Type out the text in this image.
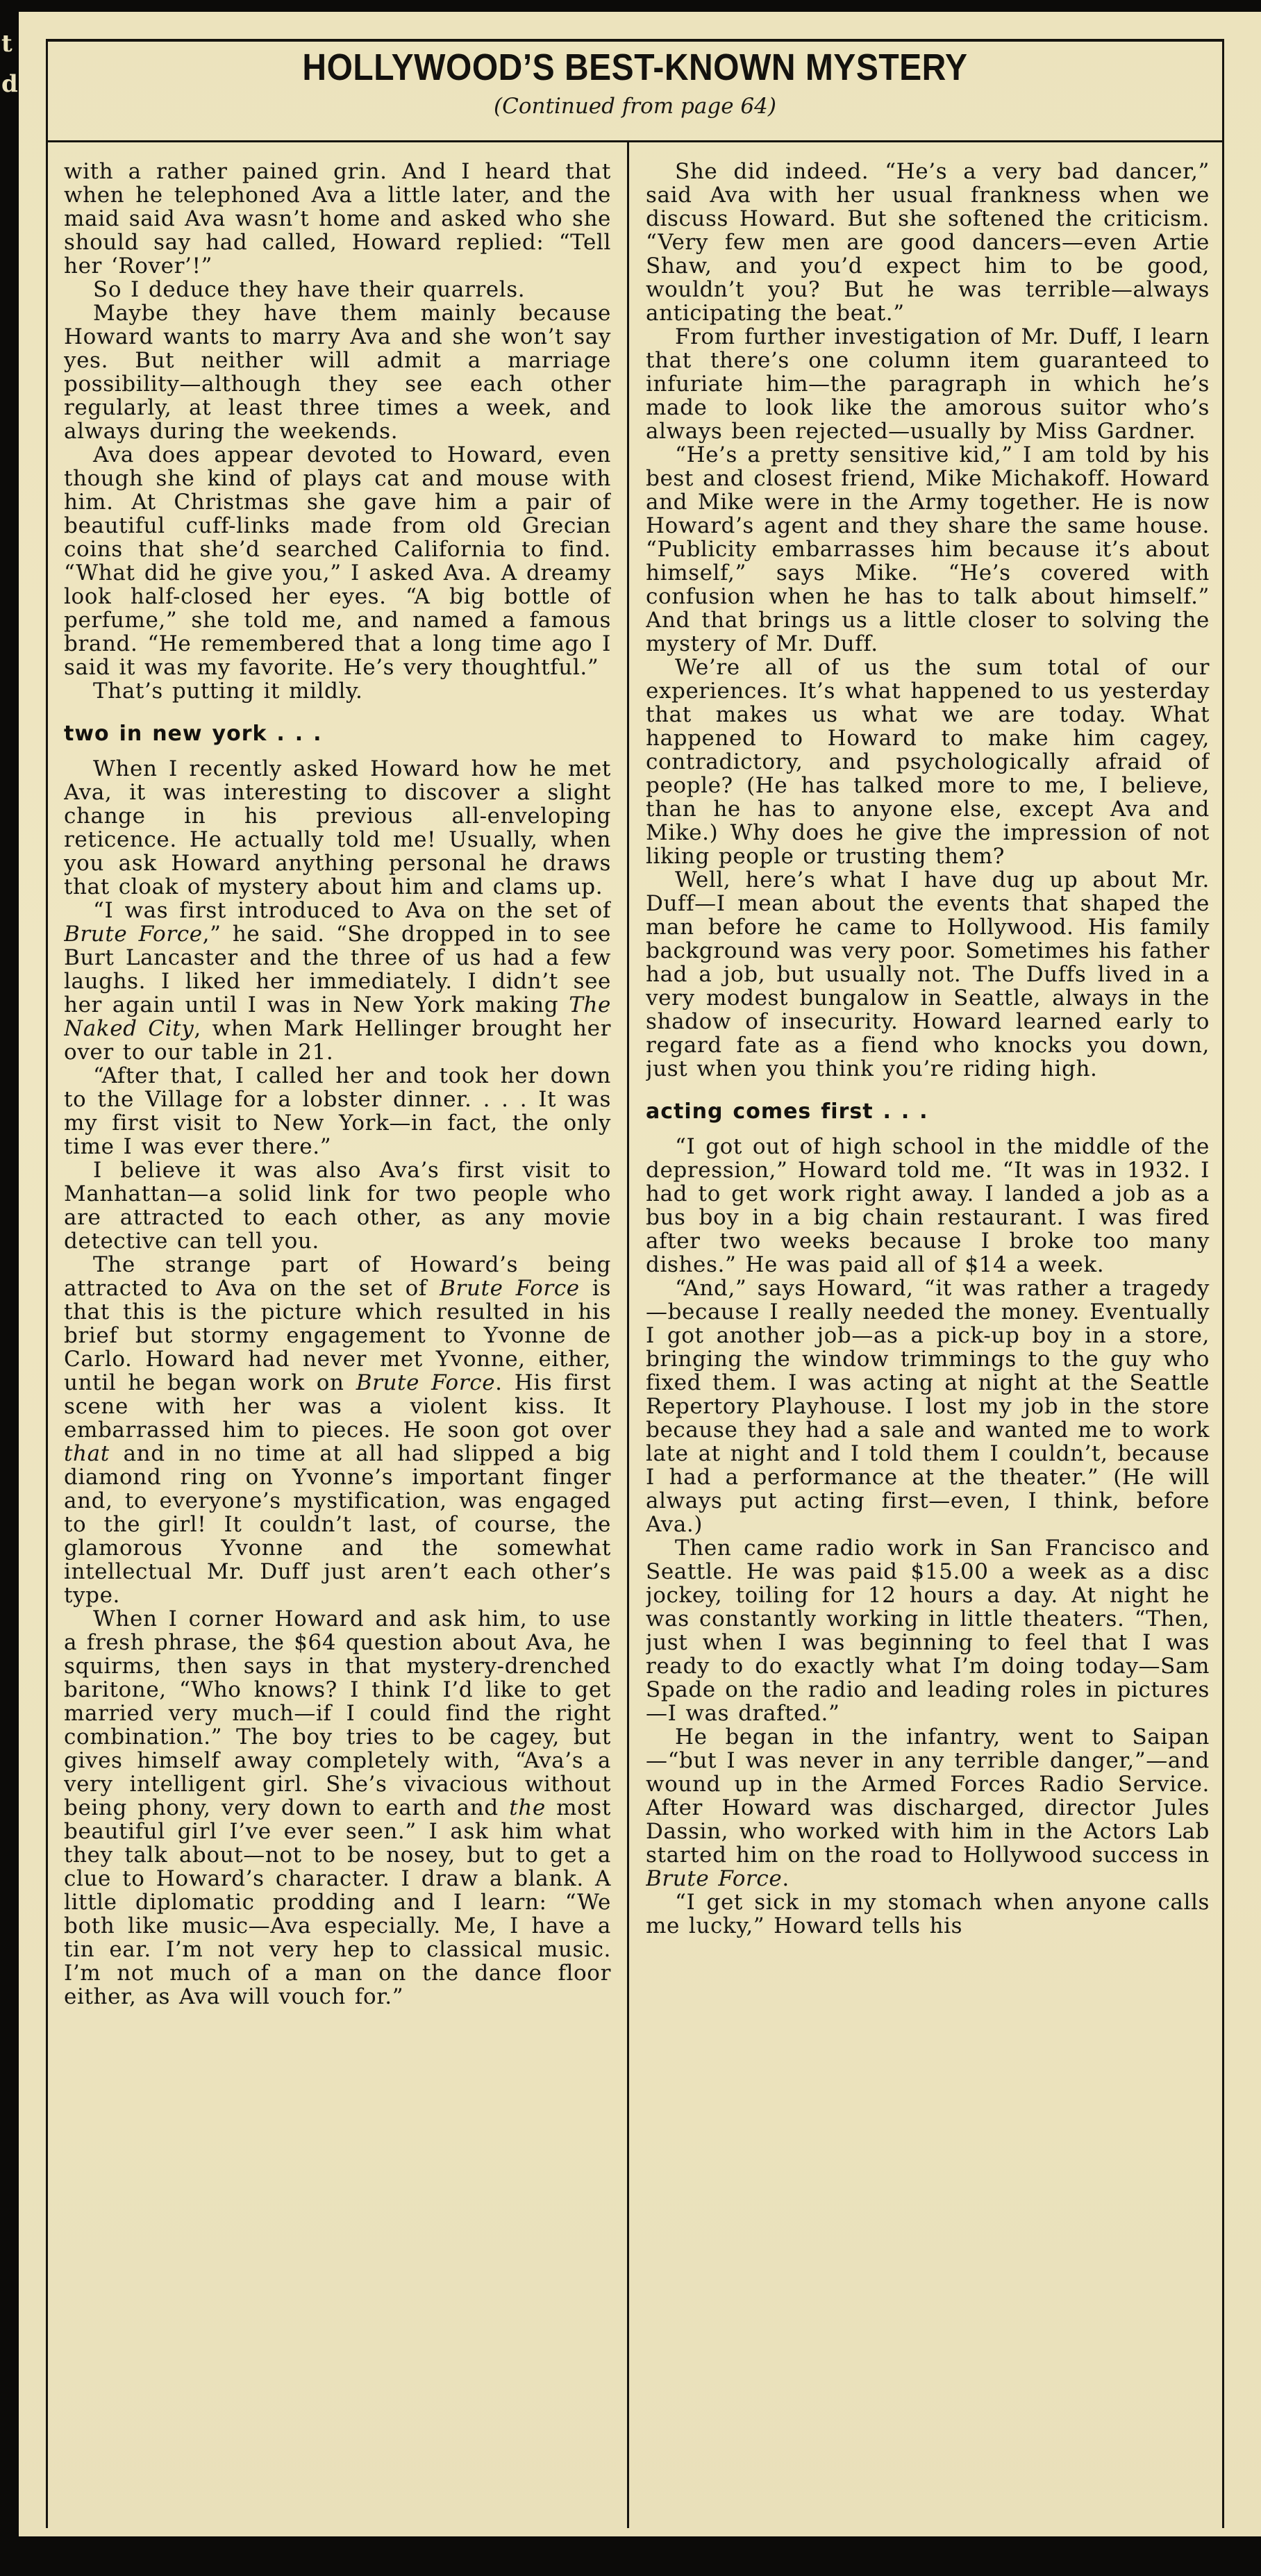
t
d	HOLLYWOOD’S BEST-KNOWN MYSTERY
(Continued from page 64)

with a rather pained grin. And I heard that when he telephoned Ava a little later, and the maid said Ava wasn’t home and asked who she should say had called, Howard replied: “Tell her ‘Rover’!”

So I deduce they have their quarrels.

Maybe they have them mainly because Howard wants to marry Ava and she won’t say yes. But neither will admit a marriage possibility—although they see each other regularly, at least three times a week, and always during the weekends.

Ava does appear devoted to Howard, even though she kind of plays cat and mouse with him. At Christmas she gave him a pair of beautiful cuff-links made from old Grecian coins that she’d searched California to find. “What did he give you,” I asked Ava. A dreamy look half-closed her eyes. “A big bottle of perfume,” she told me, and named a famous brand. “He remembered that a long time ago I said it was my favorite. He’s very thoughtful.”

That’s putting it mildly.

two in new york . . .

When I recently asked Howard how he met Ava, it was interesting to discover a slight change in his previous all-enveloping reticence. He actually told me! Usually, when you ask Howard anything personal he draws that cloak of mystery about him and clams up.

“I was first introduced to Ava on the set of Brute Force,” he said. “She dropped in to see Burt Lancaster and the three of us had a few laughs. I liked her immediately. I didn’t see her again until I was in New York making The Naked City, when Mark Hellinger brought her over to our table in 21.

“After that, I called her and took her down to the Village for a lobster dinner. . . . It was my first visit to New York—in fact, the only time I was ever there.”

I believe it was also Ava’s first visit to Manhattan—a solid link for two people who are attracted to each other, as any movie detective can tell you.

The strange part of Howard’s being attracted to Ava on the set of Brute Force is that this is the picture which resulted in his brief but stormy engagement to Yvonne de Carlo. Howard had never met Yvonne, either, until he began work on Brute Force. His first scene with her was a violent kiss. It embarrassed him to pieces. He soon got over that and in no time at all had slipped a big diamond ring on Yvonne’s important finger and, to everyone’s mystification, was engaged to the girl! It couldn’t last, of course, the glamorous Yvonne and the somewhat intellectual Mr. Duff just aren’t each other’s type.

When I corner Howard and ask him, to use a fresh phrase, the $64 question about Ava, he squirms, then says in that mystery-drenched baritone, “Who knows? I think I’d like to get married very much—if I could find the right combination.” The boy tries to be cagey, but gives himself away completely with, “Ava’s a very intelligent girl. She’s vivacious without being phony, very down to earth and the most beautiful girl I’ve ever seen.” I ask him what they talk about—not to be nosey, but to get a clue to Howard’s character. I draw a blank. A little diplomatic prodding and I learn: “We both like music—Ava especially. Me, I have a tin ear. I’m not very hep to classical music. I’m not much of a man on the dance floor either, as Ava will vouch for.”

She did indeed. “He’s a very bad dancer,” said Ava with her usual frankness when we discuss Howard. But she softened the criticism. “Very few men are good dancers—even Artie Shaw, and you’d expect him to be good, wouldn’t you? But he was terrible—always anticipating the beat.”

From further investigation of Mr. Duff, I learn that there’s one column item guaranteed to infuriate him—the paragraph in which he’s made to look like the amorous suitor who’s always been rejected—usually by Miss Gardner.

“He’s a pretty sensitive kid,” I am told by his best and closest friend, Mike Michakoff. Howard and Mike were in the Army together. He is now Howard’s agent and they share the same house. “Publicity embarrasses him because it’s about himself,” says Mike. “He’s covered with confusion when he has to talk about himself.” And that brings us a little closer to solving the mystery of Mr. Duff.

We’re all of us the sum total of our experiences. It’s what happened to us yesterday that makes us what we are today. What happened to Howard to make him cagey, contradictory, and psychologically afraid of people? (He has talked more to me, I believe, than he has to anyone else, except Ava and Mike.) Why does he give the impression of not liking people or trusting them?

Well, here’s what I have dug up about Mr. Duff—I mean about the events that shaped the man before he came to Hollywood. His family background was very poor. Sometimes his father had a job, but usually not. The Duffs lived in a very modest bungalow in Seattle, always in the shadow of insecurity. Howard learned early to regard fate as a fiend who knocks you down, just when you think you’re riding high.

acting comes first . . .

“I got out of high school in the middle of the depression,” Howard told me. “It was in 1932. I had to get work right away. I landed a job as a bus boy in a big chain restaurant. I was fired after two weeks because I broke too many dishes.” He was paid all of $14 a week.

“And,” says Howard, “it was rather a tragedy—because I really needed the money. Eventually I got another job—as a pick-up boy in a store, bringing the window trimmings to the guy who fixed them. I was acting at night at the Seattle Repertory Playhouse. I lost my job in the store because they had a sale and wanted me to work late at night and I told them I couldn’t, because I had a performance at the theater.” (He will always put acting first—even, I think, before Ava.)

Then came radio work in San Francisco and Seattle. He was paid $15.00 a week as a disc jockey, toiling for 12 hours a day. At night he was constantly working in little theaters. “Then, just when I was beginning to feel that I was ready to do exactly what I’m doing today—Sam Spade on the radio and leading roles in pictures—I was drafted.”

He began in the infantry, went to Saipan—“but I was never in any terrible danger,”—and wound up in the Armed Forces Radio Service. After Howard was discharged, director Jules Dassin, who worked with him in the Actors Lab started him on the road to Hollywood success in Brute Force.

“I get sick in my stomach when anyone calls me lucky,” Howard tells his
